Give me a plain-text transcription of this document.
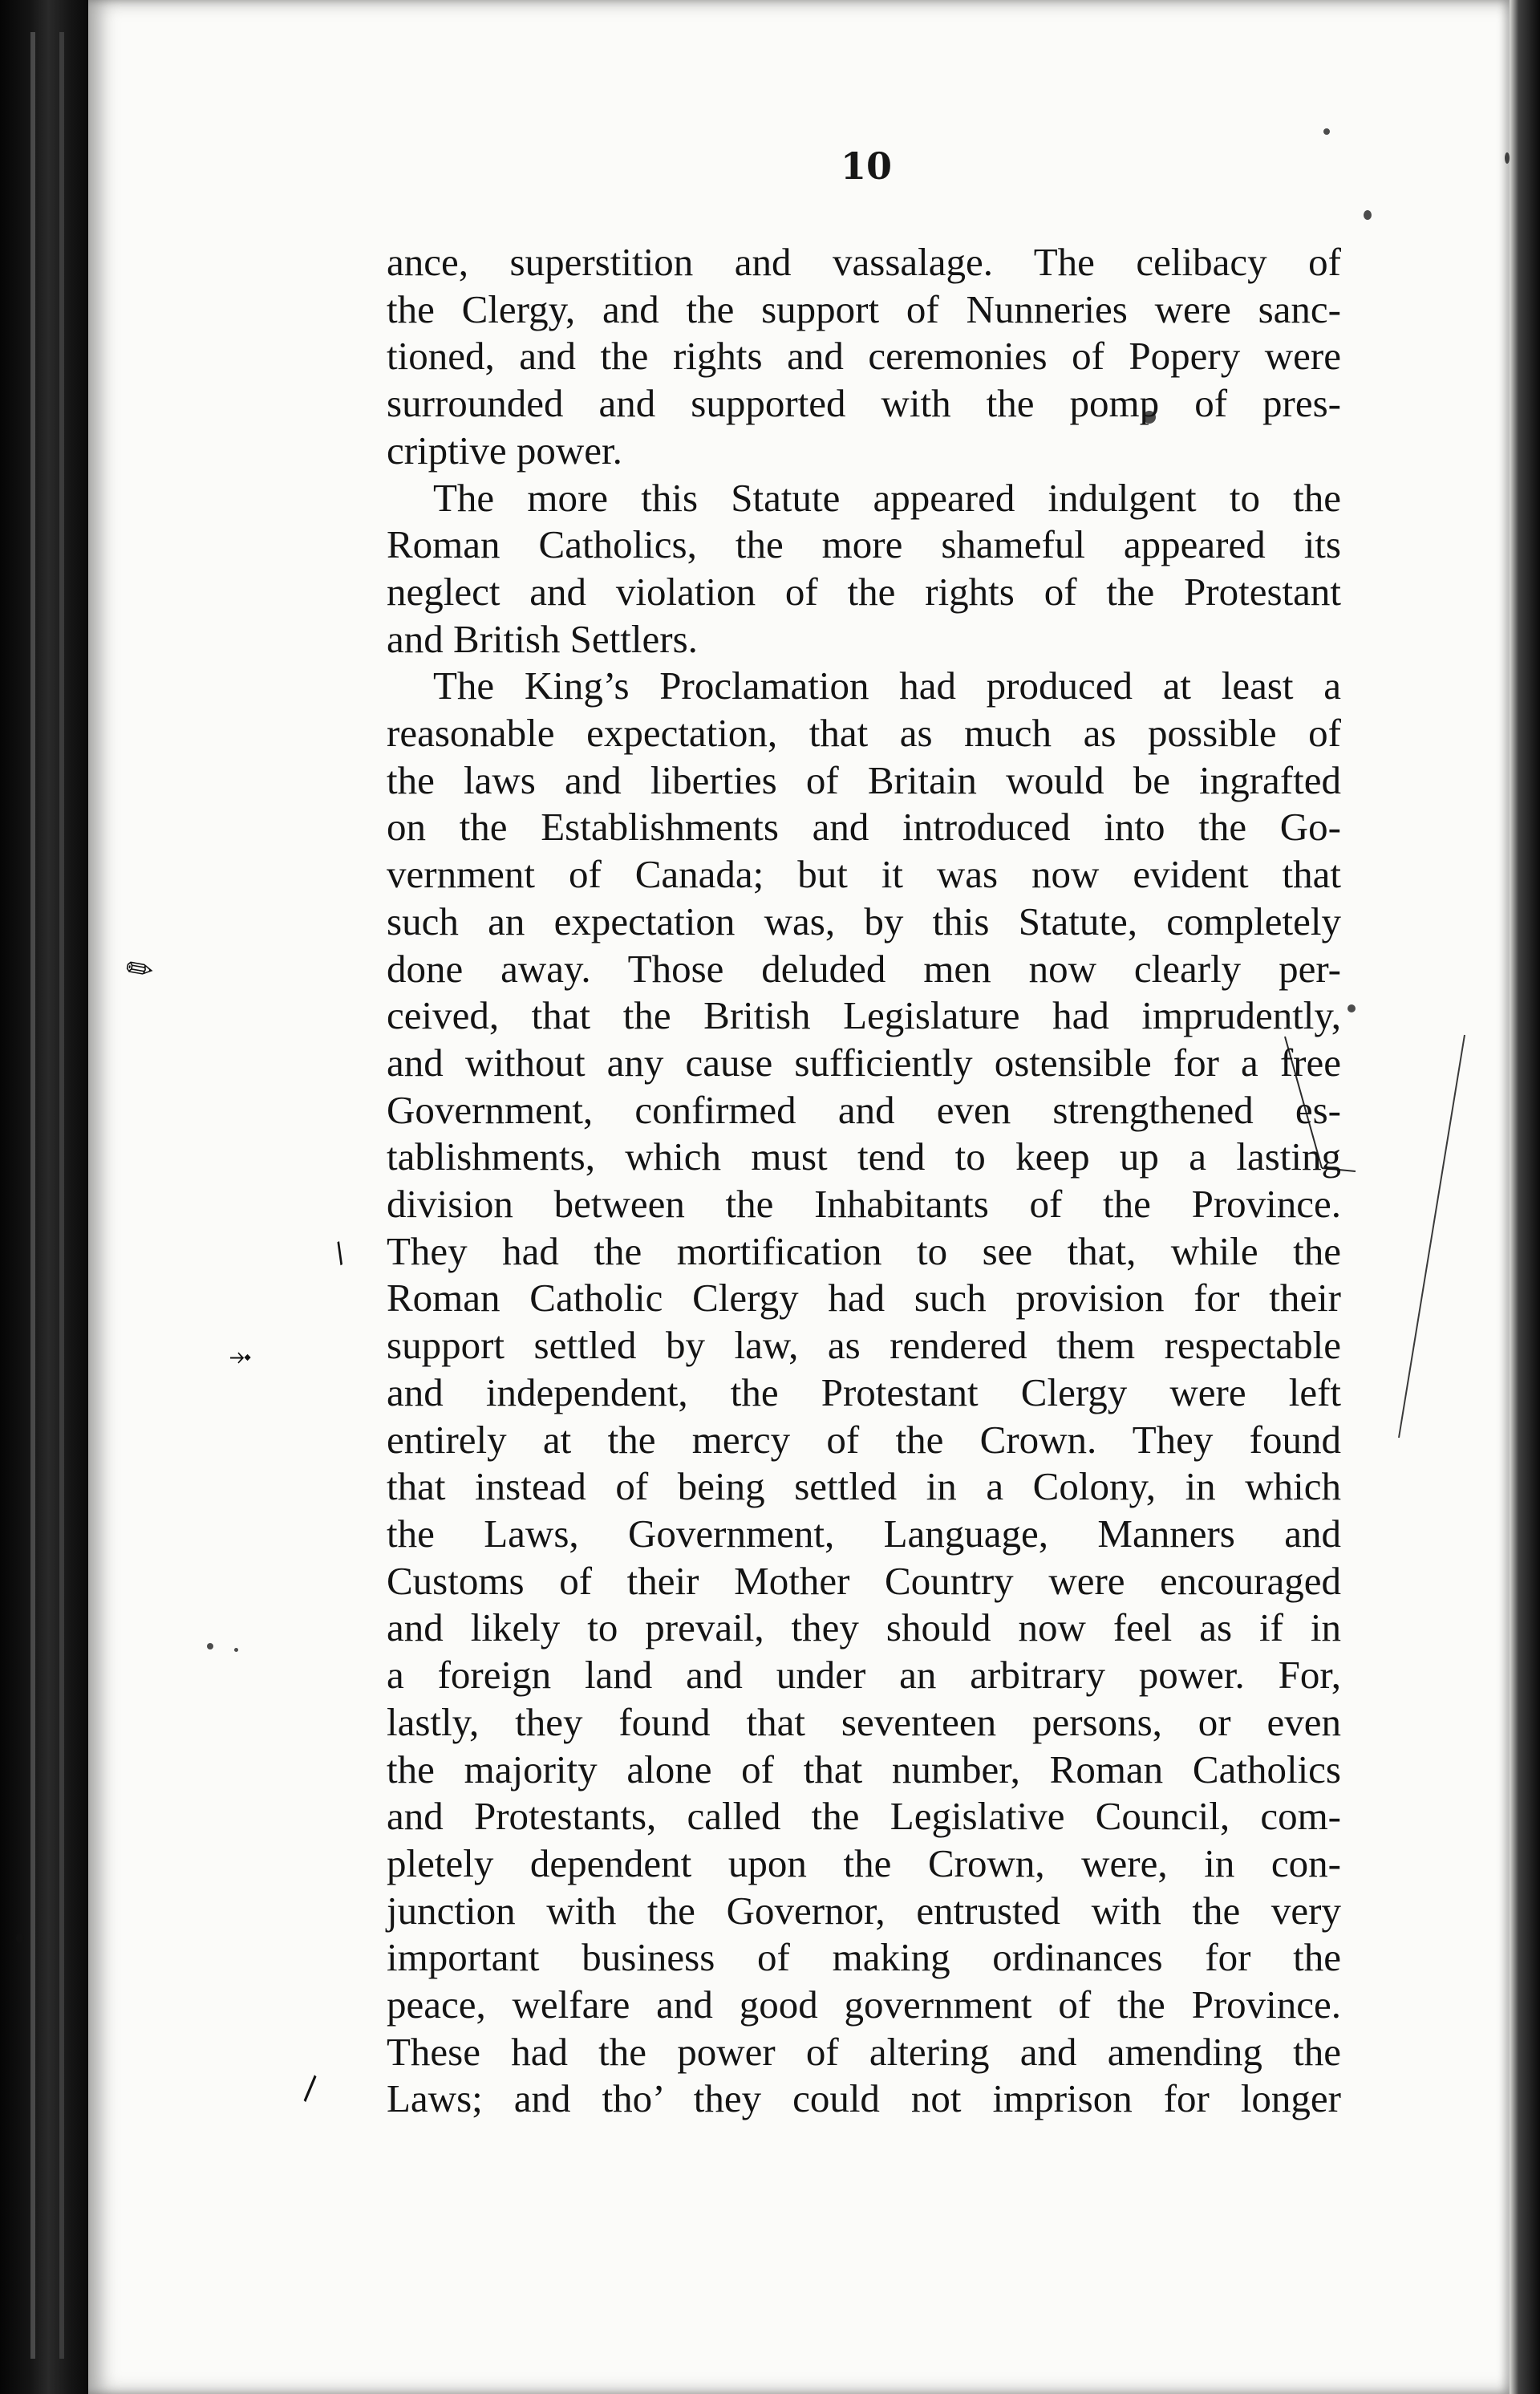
✎
/
⤞
\
10
ance, superstition and vassalage. The celibacy of
the Clergy, and the support of Nunneries were sanc-
tioned, and the rights and ceremonies of Popery were
surrounded and supported with the pomp of pres-
criptive power.
The more this Statute appeared indulgent to the
Roman Catholics, the more shameful appeared its
neglect and violation of the rights of the Protestant
and British Settlers.
The King’s Proclamation had produced at least a
reasonable expectation, that as much as possible of
the laws and liberties of Britain would be ingrafted
on the Establishments and introduced into the Go-
vernment of Canada; but it was now evident that
such an expectation was, by this Statute, completely
done away. Those deluded men now clearly per-
ceived, that the British Legislature had imprudently,
and without any cause sufficiently ostensible for a free
Government, confirmed and even strengthened es-
tablishments, which must tend to keep up a lasting
division between the Inhabitants of the Province.
They had the mortification to see that, while the
Roman Catholic Clergy had such provision for their
support settled by law, as rendered them respectable
and independent, the Protestant Clergy were left
entirely at the mercy of the Crown. They found
that instead of being settled in a Colony, in which
the Laws, Government, Language, Manners and
Customs of their Mother Country were encouraged
and likely to prevail, they should now feel as if in
a foreign land and under an arbitrary power. For,
lastly, they found that seventeen persons, or even
the majority alone of that number, Roman Catholics
and Protestants, called the Legislative Council, com-
pletely dependent upon the Crown, were, in con-
junction with the Governor, entrusted with the very
important business of making ordinances for the
peace, welfare and good government of the Province.
These had the power of altering and amending the
Laws; and tho’ they could not imprison for longer
